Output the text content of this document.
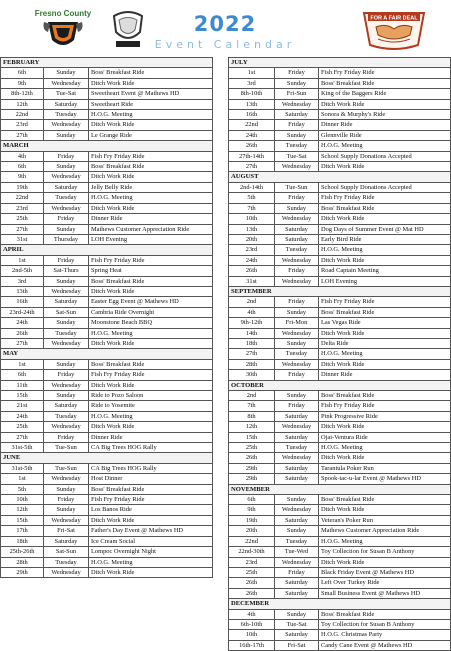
Fresno County	2022
Event Calendar
FOR A FAIR DEAL
FEBRUARY		
6th	Sunday	Boss' Breakfast Ride
9th	Wednesday	Ditch Work Ride
8th-12th	Tue-Sat	Sweetheart Event @ Mathews HD
12th	Saturday	Sweetheart Ride
22nd	Tuesday	H.O.G. Meeting
23rd	Wednesday	Ditch Work Ride
27th	Sunday	Le Grange Ride
MARCH		
4th	Friday	Fish Fry Friday Ride
6th	Sunday	Boss' Breakfast Ride
9th	Wednesday	Ditch Work Ride
19th	Saturday	Jelly Belly Ride
22nd	Tuesday	H.O.G. Meeting
23rd	Wednesday	Ditch Work Ride
25th	Friday	Dinner Ride
27th	Sunday	Mathews Customer Appreciation Ride
31st	Thursday	LOH Evening
APRIL		
1st	Friday	Fish Fry Friday Ride
2nd-5th	Sat-Thurs	Spring Heat
3rd	Sunday	Boss' Breakfast Ride
13th	Wednesday	Ditch Work Ride
16th	Saturday	Easter Egg Event @ Mathews HD
23rd-24th	Sat-Sun	Cambria Ride Overnight
24th	Sunday	Moonstone Beach BBQ
26th	Tuesday	H.O.G. Meeting
27th	Wednesday	Ditch Work Ride
MAY		
1st	Sunday	Boss' Breakfast Ride
6th	Friday	Fish Fry Friday Ride
11th	Wednesday	Ditch Work Ride
15th	Sunday	Ride to Pozo Saloon
21st	Saturday	Ride to Yosemite
24th	Tuesday	H.O.G. Meeting
25th	Wednesday	Ditch Work Ride
27th	Friday	Dinner Ride
31st-5th	Tue-Sun	CA Big Trees HOG Rally
JUNE		
31st-5th	Tue-Sun	CA Big Trees HOG Rally
1st	Wednesday	Host Dinner
5th	Sunday	Boss' Breakfast Ride
10th	Friday	Fish Fry Friday Ride
12th	Sunday	Los Banos Ride
15th	Wednesday	Ditch Work Ride
17th	Fri-Sat	Father's Day Event @ Mathews HD
18th	Saturday	Ice Cream Social
25th-26th	Sat-Sun	Lompoc Overnight Night
28th	Tuesday	H.O.G. Meeting
29th	Wednesday	Ditch Work Ride
JULY		
1st	Friday	Fish Fry Friday Ride
3rd	Sunday	Boss' Breakfast Ride
8th-10th	Fri-Sun	King of the Baggers Ride
13th	Wednesday	Ditch Work Ride
16th	Saturday	Sonora & Murphy's Ride
22nd	Friday	Dinner Ride
24th	Sunday	Glennville Ride
26th	Tuesday	H.O.G. Meeting
27th-14th	Tue-Sat	School Supply Donations Accepted
27th	Wednesday	Ditch Work Ride
AUGUST		
2nd-14th	Tue-Sun	School Supply Donations Accepted
5th	Friday	Fish Fry Friday Ride
7th	Sunday	Boss' Breakfast Ride
10th	Wednesday	Ditch Work Ride
13th	Saturday	Dog Days of Summer Event @ Mat HD
20th	Saturday	Early Bird Ride
23rd	Tuesday	H.O.G. Meeting
24th	Wednesday	Ditch Work Ride
26th	Friday	Road Captain Meeting
31st	Wednesday	LOH Evening
SEPTEMBER		
2nd	Friday	Fish Fry Friday Ride
4th	Sunday	Boss' Breakfast Ride
9th-12th	Fri-Mon	Las Vegas Ride
14th	Wednesday	Ditch Work Ride
18th	Sunday	Delta Ride
27th	Tuesday	H.O.G. Meeting
28th	Wednesday	Ditch Work Ride
30th	Friday	Dinner Ride
OCTOBER		
2nd	Sunday	Boss' Breakfast Ride
7th	Friday	Fish Fry Friday Ride
8th	Saturday	Pink Progressive Ride
12th	Wednesday	Ditch Work Ride
15th	Saturday	Ojai-Ventura Ride
25th	Tuesday	H.O.G. Meeting
26th	Wednesday	Ditch Work Ride
29th	Saturday	Tarantula Poker Run
29th	Saturday	Spook-tac-u-lar Event @ Mathews HD
NOVEMBER		
6th	Sunday	Boss' Breakfast Ride
9th	Wednesday	Ditch Work Ride
19th	Saturday	Veteran's Poker Run
20th	Sunday	Mathews Customer Appreciation Ride
22nd	Tuesday	H.O.G. Meeting
22nd-30th	Tue-Wed	Toy Collection for Susan B Anthony
23rd	Wednesday	Ditch Work Ride
25th	Friday	Black Friday Event @ Mathews HD
26th	Saturday	Left Over Turkey Ride
26th	Saturday	Small Business Event @ Mathews HD
DECEMBER		
4th	Sunday	Boss' Breakfast Ride
6th-10th	Tue-Sat	Toy Collection for Susan B Anthony
10th	Saturday	H.O.G. Christmas Party
16th-17th	Fri-Sat	Candy Cane Event @ Mathews HD
